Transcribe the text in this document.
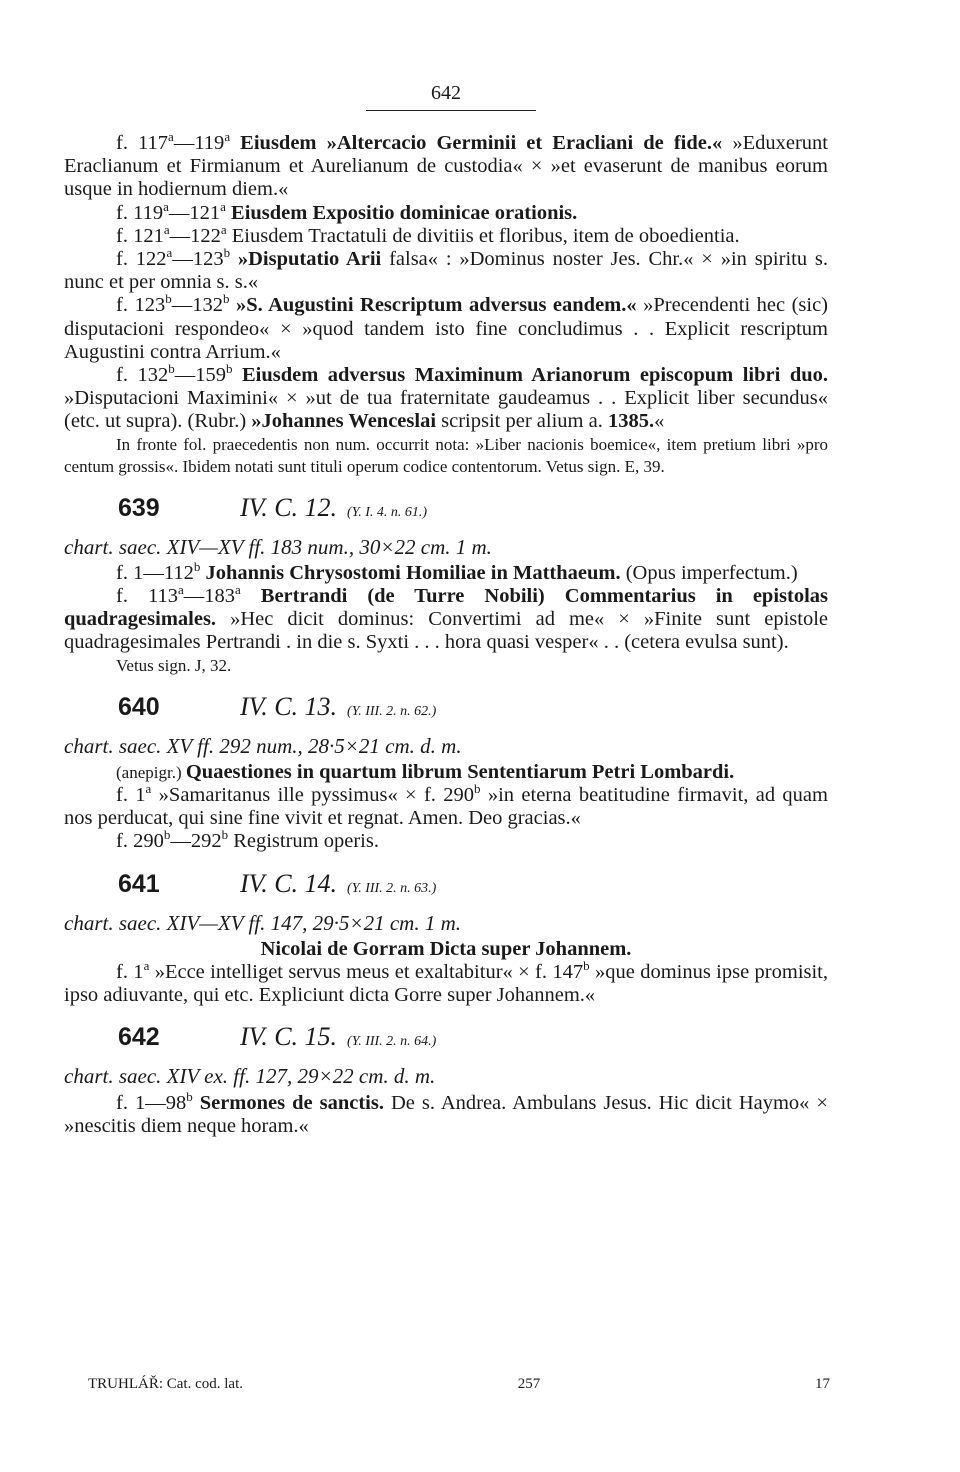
642

f. 117$^a$—119$^a$ Eiusdem »Altercacio Germinii et Eracliani de fide.« »Eduxerunt Eraclianum et Firmianum et Aurelianum de custodia« × »et evaserunt de manibus eorum usque in hodiernum diem.«

f. 119$^a$—121$^a$ Eiusdem Expositio dominicae orationis.

f. 121$^a$—122$^a$ Eiusdem Tractatuli de divitiis et floribus, item de oboedientia.

f. 122$^a$—123$^b$ »Disputatio Arii falsa« : »Dominus noster Jes. Chr.« × »in spiritu s. nunc et per omnia s. s.«

f. 123$^b$—132$^b$ »S. Augustini Rescriptum adversus eandem.« »Precendenti hec (sic) disputacioni respondeo« × »quod tandem isto fine concludimus . . Explicit rescriptum Augustini contra Arrium.«

f. 132$^b$—159$^b$ Eiusdem adversus Maximinum Arianorum episcopum libri duo. »Disputacioni Maximini« × »ut de tua fraternitate gaudeamus . . Explicit liber secundus« (etc. ut supra). (Rubr.) »Johannes Wenceslai scripsit per alium a. 1385.«

In fronte fol. praecedentis non num. occurrit nota: »Liber nacionis boemice«, item pretium libri »pro centum grossis«. Ibidem notati sunt tituli operum codice contentorum. Vetus sign. E, 39.

639	IV. C. 12. (Y. I. 4. n. 61.)

chart. saec. XIV—XV ff. 183 num., 30×22 cm. 1 m.

f. 1—112$^b$ Johannis Chrysostomi Homiliae in Matthaeum. (Opus imperfectum.)

f. 113$^a$—183$^a$ Bertrandi (de Turre Nobili) Commentarius in epistolas quadragesimales. »Hec dicit dominus: Convertimi ad me« × »Finite sunt epistole quadragesimales Pertrandi . in die s. Syxti . . . hora quasi vesper« . . (cetera evulsa sunt).

Vetus sign. J, 32.

640	IV. C. 13. (Y. III. 2. n. 62.)

chart. saec. XV ff. 292 num., 28·5×21 cm. d. m.

(anepigr.) Quaestiones in quartum librum Sententiarum Petri Lombardi.

f. 1$^a$ »Samaritanus ille pyssimus« × f. 290$^b$ »in eterna beatitudine firmavit, ad quam nos perducat, qui sine fine vivit et regnat. Amen. Deo gracias.«

f. 290$^b$—292$^b$ Registrum operis.

641	IV. C. 14. (Y. III. 2. n. 63.)

chart. saec. XIV—XV ff. 147, 29·5×21 cm. 1 m.

Nicolai de Gorram Dicta super Johannem.

f. 1$^a$ »Ecce intelliget servus meus et exaltabitur« × f. 147$^b$ »que dominus ipse promisit, ipso adiuvante, qui etc. Expliciunt dicta Gorre super Johannem.«

642	IV. C. 15. (Y. III. 2. n. 64.)

chart. saec. XIV ex. ff. 127, 29×22 cm. d. m.

f. 1—98$^b$ Sermones de sanctis. De s. Andrea. Ambulans Jesus. Hic dicit Haymo« × »nescitis diem neque horam.«

TRUHLÁŘ: Cat. cod. lat.	257	17
